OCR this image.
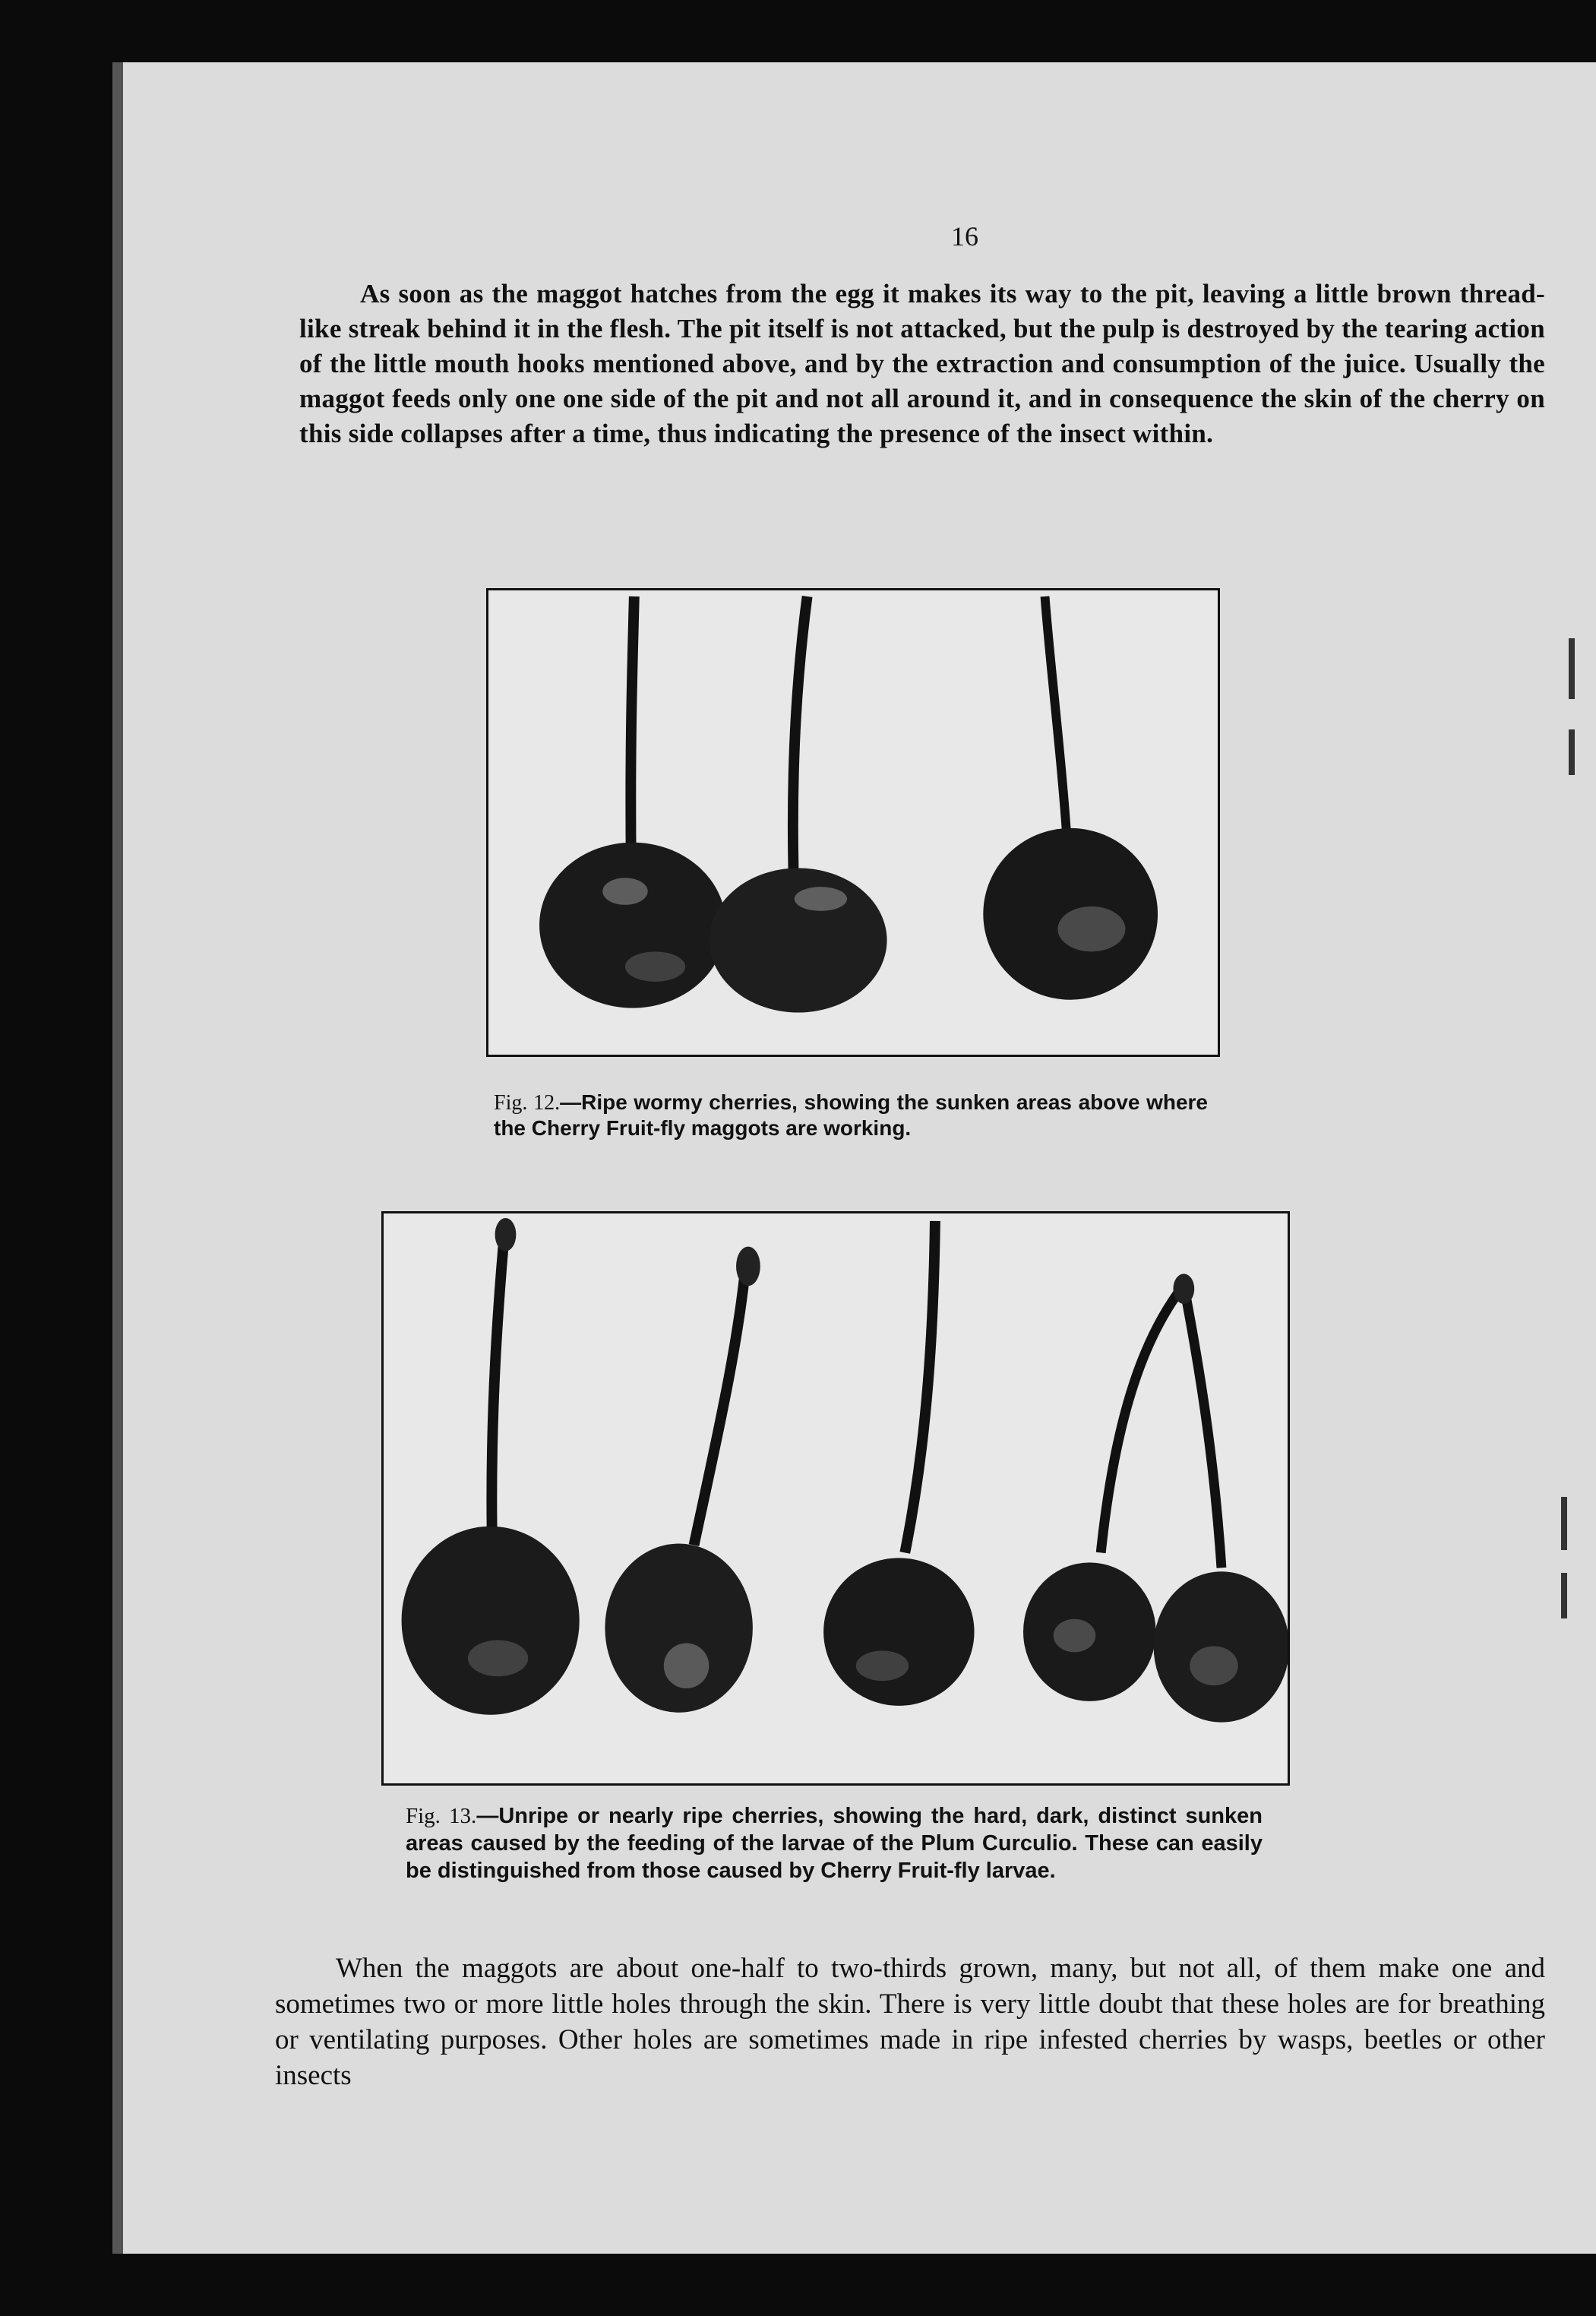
16

As soon as the maggot hatches from the egg it makes its way to the pit, leaving a little brown thread-like streak behind it in the flesh. The pit itself is not attacked, but the pulp is destroyed by the tearing action of the little mouth hooks mentioned above, and by the extraction and consumption of the juice. Usually the maggot feeds only one one side of the pit and not all around it, and in consequence the skin of the cherry on this side collapses after a time, thus indicating the presence of the insect within.

Fig. 12.—Ripe wormy cherries, showing the sunken areas above where the Cherry Fruit-fly maggots are working.

Fig. 13.—Unripe or nearly ripe cherries, showing the hard, dark, distinct sunken areas caused by the feeding of the larvae of the Plum Curculio. These can easily be distinguished from those caused by Cherry Fruit-fly larvae.

When the maggots are about one-half to two-thirds grown, many, but not all, of them make one and sometimes two or more little holes through the skin. There is very little doubt that these holes are for breathing or ventilating purposes. Other holes are sometimes made in ripe infested cherries by wasps, beetles or other insects
